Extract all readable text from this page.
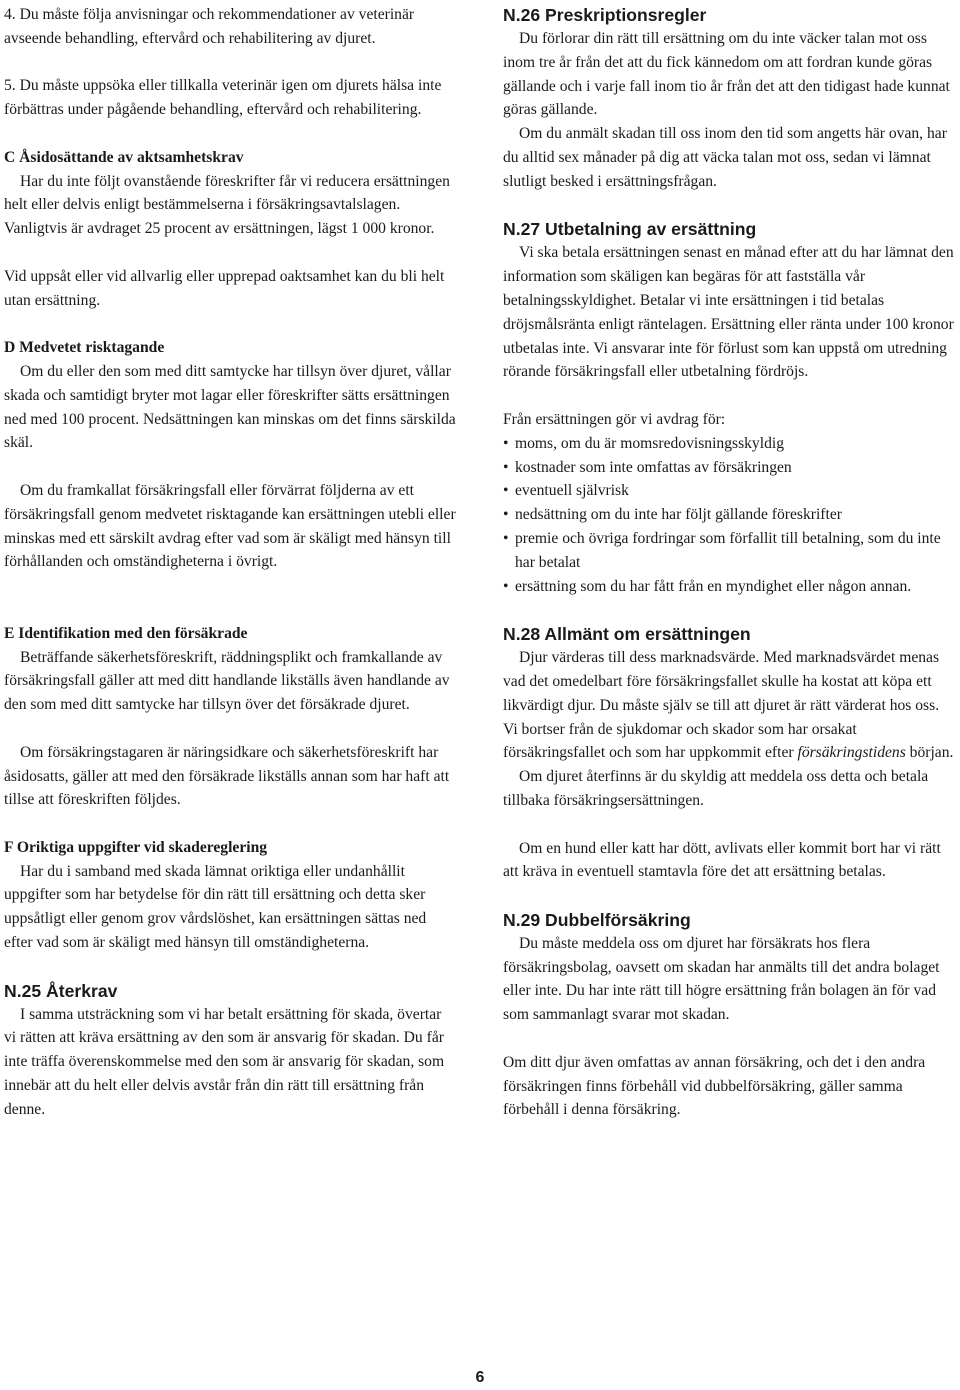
4. Du måste följa anvisningar och rekommendationer av veterinär avseende behandling, eftervård och rehabilitering av djuret.

5. Du måste uppsöka eller tillkalla veterinär igen om djurets hälsa inte förbättras under pågående behandling, eftervård och rehabilitering.

C Åsidosättande av aktsamhetskrav

Har du inte följt ovanstående föreskrifter får vi reducera ersättningen helt eller delvis enligt bestämmelserna i försäkringsavtalslagen. Vanligtvis är avdraget 25 procent av ersättningen, lägst 1 000 kronor.

Vid uppsåt eller vid allvarlig eller upprepad oaktsamhet kan du bli helt utan ersättning.

D Medvetet risktagande

Om du eller den som med ditt samtycke har tillsyn över djuret, vållar skada och samtidigt bryter mot lagar eller föreskrifter sätts ersättningen ned med 100 procent. Nedsättningen kan minskas om det finns särskilda skäl.

Om du framkallat försäkringsfall eller förvärrat följderna av ett försäkringsfall genom medvetet risktagande kan ersättningen utebli eller minskas med ett särskilt avdrag efter vad som är skäligt med hänsyn till förhållanden och omständigheterna i övrigt.

E Identifikation med den försäkrade

Beträffande säkerhetsföreskrift, räddningsplikt och framkallande av försäkringsfall gäller att med ditt handlande likställs även handlande av den som med ditt samtycke har tillsyn över det försäkrade djuret.

Om försäkringstagaren är näringsidkare och säkerhetsföreskrift har åsidosatts, gäller att med den försäkrade likställs annan som har haft att tillse att föreskriften följdes.

F Oriktiga uppgifter vid skadereglering

Har du i samband med skada lämnat oriktiga eller undanhållit uppgifter som har betydelse för din rätt till ersättning och detta sker uppsåtligt eller genom grov vårdslöshet, kan ersättningen sättas ned efter vad som är skäligt med hänsyn till omständigheterna.

N.25 Återkrav

I samma utsträckning som vi har betalt ersättning för skada, övertar vi rätten att kräva ersättning av den som är ansvarig för skadan. Du får inte träffa överenskommelse med den som är ansvarig för skadan, som innebär att du helt eller delvis avstår från din rätt till ersättning från denne.

N.26 Preskriptionsregler

Du förlorar din rätt till ersättning om du inte väcker talan mot oss inom tre år från det att du fick kännedom om att fordran kunde göras gällande och i varje fall inom tio år från det att den tidigast hade kunnat göras gällande.

Om du anmält skadan till oss inom den tid som angetts här ovan, har du alltid sex månader på dig att väcka talan mot oss, sedan vi lämnat slutligt besked i ersättningsfrågan.

N.27 Utbetalning av ersättning

Vi ska betala ersättningen senast en månad efter att du har lämnat den information som skäligen kan begäras för att fastställa vår betalningsskyldighet. Betalar vi inte ersättningen i tid betalas dröjsmålsränta enligt räntelagen. Ersättning eller ränta under 100 kronor utbetalas inte. Vi ansvarar inte för förlust som kan uppstå om utredning rörande försäkringsfall eller utbetalning fördröjs.

Från ersättningen gör vi avdrag för:

• moms, om du är momsredovisningsskyldig

• kostnader som inte omfattas av försäkringen

• eventuell självrisk

• nedsättning om du inte har följt gällande föreskrifter

• premie och övriga fordringar som förfallit till betalning, som du inte har betalat

• ersättning som du har fått från en myndighet eller någon annan.

N.28 Allmänt om ersättningen

Djur värderas till dess marknadsvärde. Med marknadsvärdet menas vad det omedelbart före försäkringsfallet skulle ha kostat att köpa ett likvärdigt djur. Du måste själv se till att djuret är rätt värderat hos oss. Vi bortser från de sjukdomar och skador som har orsakat försäkringsfallet och som har uppkommit efter försäkringstidens början.

Om djuret återfinns är du skyldig att meddela oss detta och betala tillbaka försäkringsersättningen.

Om en hund eller katt har dött, avlivats eller kommit bort har vi rätt att kräva in eventuell stamtavla före det att ersättning betalas.

N.29 Dubbelförsäkring

Du måste meddela oss om djuret har försäkrats hos flera försäkringsbolag, oavsett om skadan har anmälts till det andra bolaget eller inte. Du har inte rätt till högre ersättning från bolagen än för vad som sammanlagt svarar mot skadan.

Om ditt djur även omfattas av annan försäkring, och det i den andra försäkringen finns förbehåll vid dubbelförsäkring, gäller samma förbehåll i denna försäkring.

6
